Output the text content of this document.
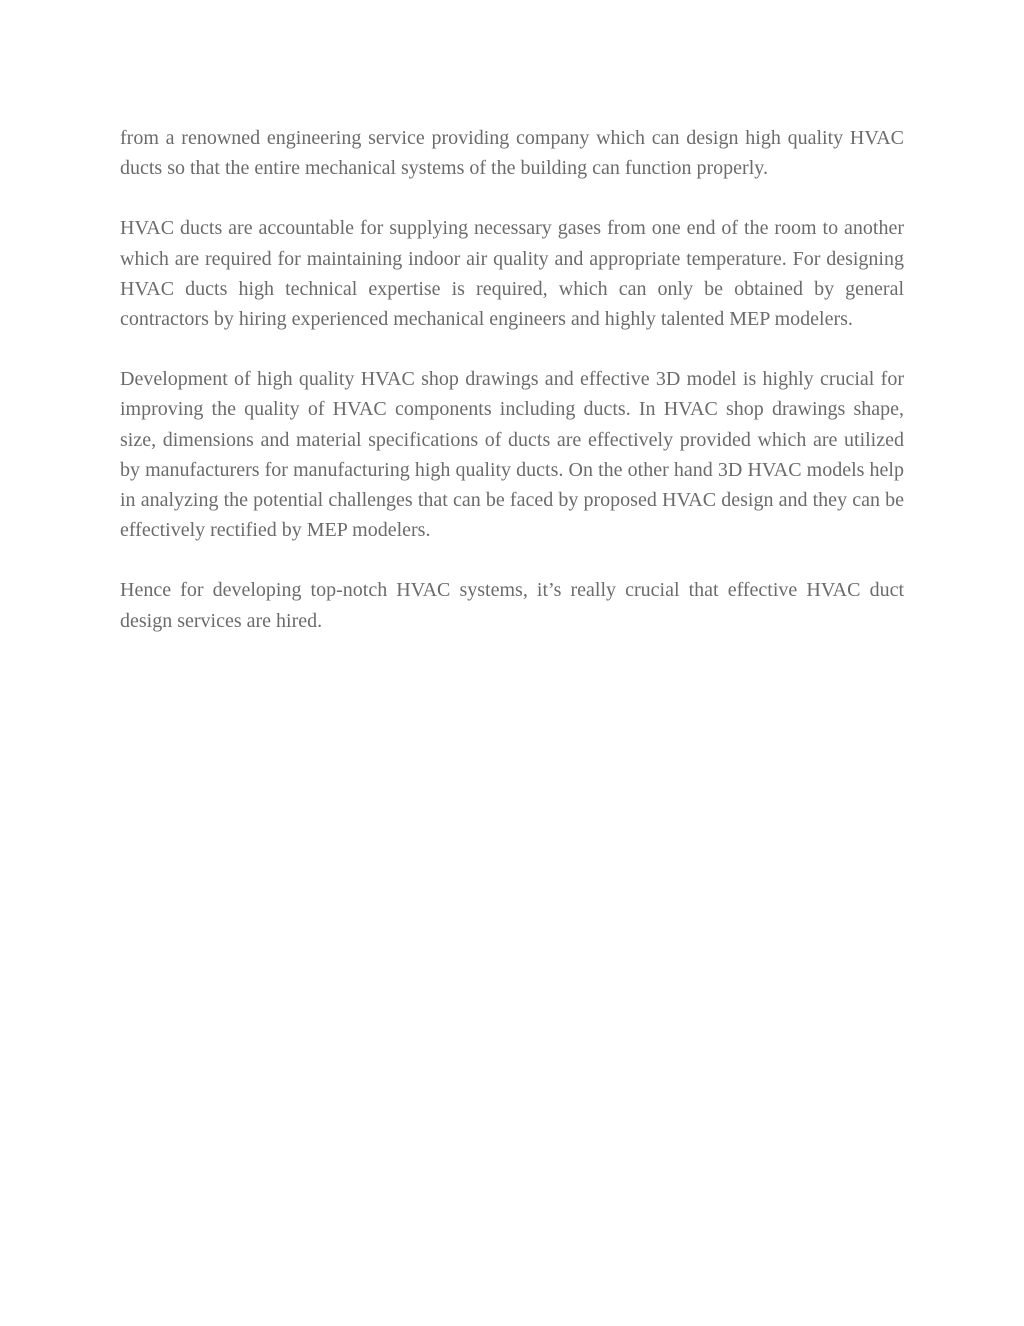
from a renowned engineering service providing company which can design high quality HVAC ducts so that the entire mechanical systems of the building can function properly.

HVAC ducts are accountable for supplying necessary gases from one end of the room to another which are required for maintaining indoor air quality and appropriate temperature. For designing HVAC ducts high technical expertise is required, which can only be obtained by general contractors by hiring experienced mechanical engineers and highly talented MEP modelers.

Development of high quality HVAC shop drawings and effective 3D model is highly crucial for improving the quality of HVAC components including ducts. In HVAC shop drawings shape, size, dimensions and material specifications of ducts are effectively provided which are utilized by manufacturers for manufacturing high quality ducts. On the other hand 3D HVAC models help in analyzing the potential challenges that can be faced by proposed HVAC design and they can be effectively rectified by MEP modelers.

Hence for developing top-notch HVAC systems, it’s really crucial that effective HVAC duct design services are hired.
